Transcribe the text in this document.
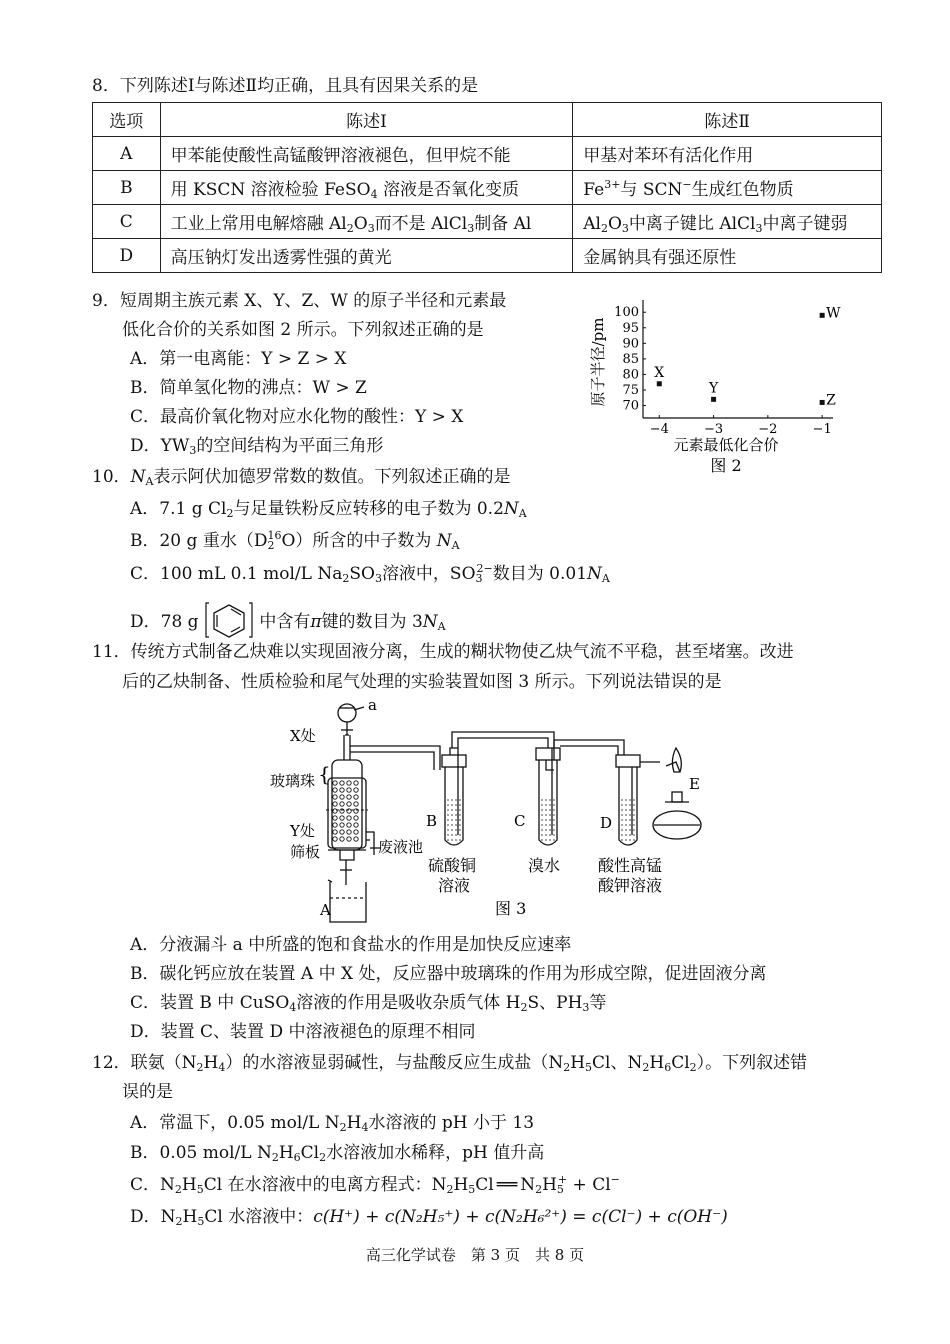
8．下列陈述Ⅰ与陈述Ⅱ均正确，且具有因果关系的是
选项	陈述Ⅰ	陈述Ⅱ
A	甲苯能使酸性高锰酸钾溶液褪色，但甲烷不能	甲基对苯环有活化作用
B	用 KSCN 溶液检验 FeSO$_4$ 溶液是否氧化变质	$Fe^{3+}$与 SCN−生成红色物质
C	工业上常用电解熔融 $Al_2O_3$而不是 AlCl$_3$制备 Al	$Al_2O_3$中离子键比 AlCl$_3$中离子键弱
D	高压钠灯发出透雾性强的黄光	金属钠具有强还原性
9．短周期主族元素 X、Y、Z、W 的原子半径和元素最
低化合价的关系如图 2 所示。下列叙述正确的是
A．第一电离能：Y > Z > X
B．简单氢化物的沸点：W > Z
C．最高价氧化物对应水化物的酸性：Y > X
D．$YW_3$的空间结构为平面三角形
70
75
80
85
90
95
100
−4	−3	−2	−1
X
Y
Z
W
原子半径/pm
元素最低化合价
图 2
10．$N_A$表示阿伏加德罗常数的数值。下列叙述正确的是
A．7.1 g $Cl_2$与足量铁粉反应转移的电子数为 $0.2N_A$
B．20 g 重水$(D_2^{16}O)$所含的中子数为 $N_A$
C．100 mL 0.1 mol/L $Na_2SO_3$溶液中，$SO_3^{2-}$数目为 $0.01N_A$
D．78 g	中含有π键的数目为 $3N_A$
11．传统方式制备乙炔难以实现固液分离，生成的糊状物使乙炔气流不平稳，甚至堵塞。改进
后的乙炔制备、性质检验和尾气处理的实验装置如图 3 所示。下列说法错误的是
a
X处
玻璃珠 {
Y处
筛板	废液池
A
B	C	D
E
硫酸铜
溶液
溴水 酸性高锰
酸钾溶液
图 3
A．分液漏斗 a 中所盛的饱和食盐水的作用是加快反应速率
B．碳化钙应放在装置 A 中 X 处，反应器中玻璃珠的作用为形成空隙，促进固液分离
C．装置 B 中 CuSO$_4$溶液的作用是吸收杂质气体 $H_2S$、$PH_3$等
D．装置 C、装置 D 中溶液褪色的原理不相同
12．联氨$(N_2H_4)$的水溶液显弱碱性，与盐酸反应生成盐（$N_2H_5Cl$、$N_2H_6Cl_2$）。下列叙述错
误的是
A．常温下，0.05 mol/L $N_2H_4$水溶液的 pH 小于 13
B．0.05 mol/L $N_2H_6Cl_2$水溶液加水稀释，pH 值升高
C．$N_2H_5Cl$ 在水溶液中的电离方程式：$N_2H_5Cl$ ══ $N_2H_5^+ + Cl^-$
D．$N_2H_5Cl$ 水溶液中：c(H⁺) + c(N₂H₅⁺) + c(N₂H₆²⁺) = c(Cl⁻) + c(OH⁻)
高三化学试卷　第 3 页　共 8 页
